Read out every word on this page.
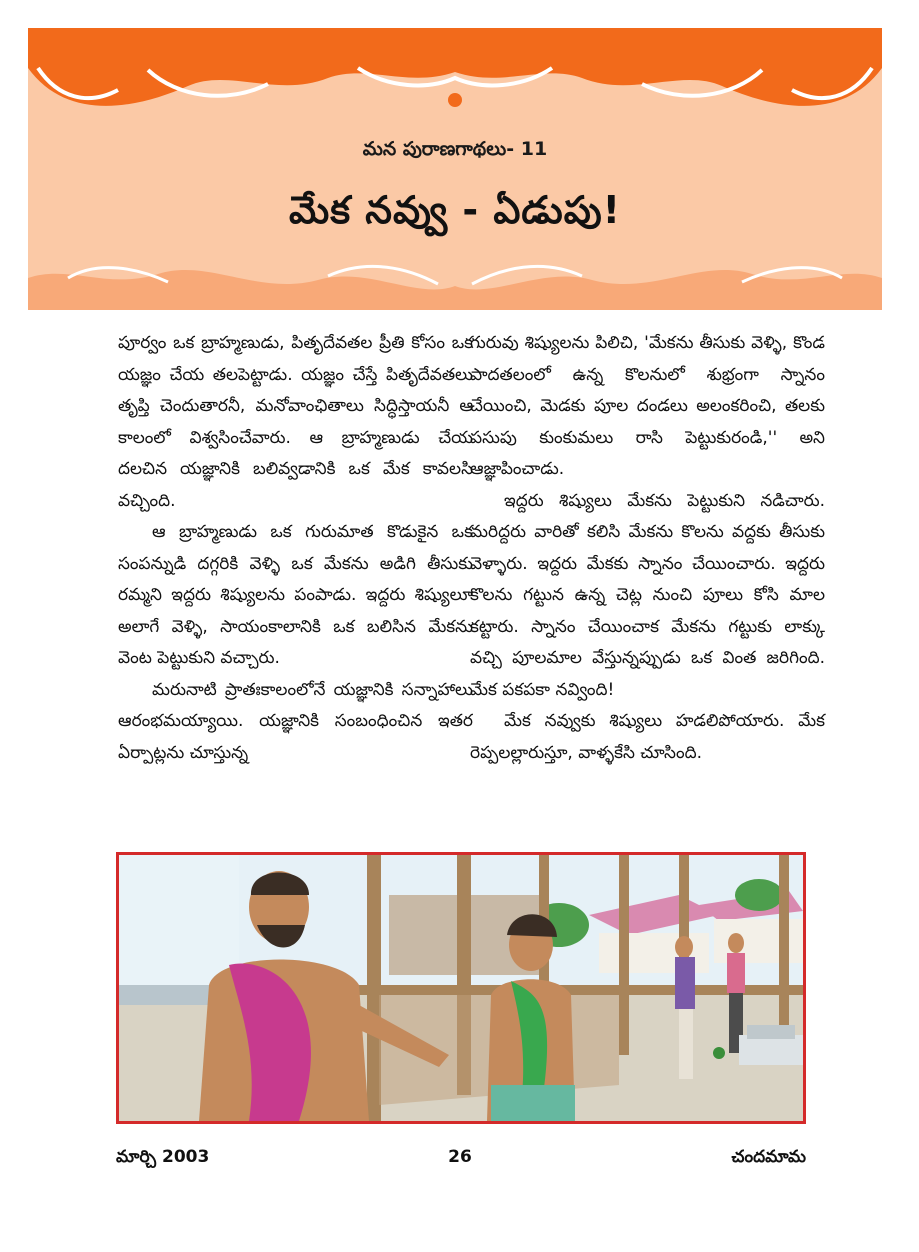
మన పురాణగాథలు- 11
మేక నవ్వు - ఏడుపు!

పూర్వం ఒక బ్రాహ్మణుడు, పితృదేవతల ప్రీతి కోసం ఒక యజ్ఞం చేయ తలపెట్టాడు. యజ్ఞం చేస్తే పితృదేవతలు తృప్తి చెందుతారనీ, మనోవాంఛితాలు సిద్ధిస్తాయనీ ఆ కాలంలో విశ్వసించేవారు. ఆ బ్రాహ్మణుడు చేయ దలచిన యజ్ఞానికి బలివ్వడానికి ఒక మేక కావలసి వచ్చింది.

ఆ బ్రాహ్మణుడు ఒక గురుమాత కొడుకైన ఒక సంపన్నుడి దగ్గరికి వెళ్ళి ఒక మేకను అడిగి తీసుకు రమ్మని ఇద్దరు శిష్యులను పంపాడు. ఇద్దరు శిష్యులూ అలాగే వెళ్ళి, సాయంకాలానికి ఒక బలిసిన మేకను వెంట పెట్టుకుని వచ్చారు.

మరునాటి ప్రాతఃకాలంలోనే యజ్ఞానికి సన్నాహాలు ఆరంభమయ్యాయి. యజ్ఞానికి సంబంధించిన ఇతర ఏర్పాట్లను చూస్తున్న

గురువు శిష్యులను పిలిచి, 'మేకను తీసుకు వెళ్ళి, కొండ పాదతలంలో ఉన్న కొలనులో శుభ్రంగా స్నానం చేయించి, మెడకు పూల దండలు అలంకరించి, తలకు పసుపు కుంకుమలు రాసి పెట్టుకురండి,'' అని ఆజ్ఞాపించాడు.

ఇద్దరు శిష్యులు మేకను పెట్టుకుని నడిచారు. మరిద్దరు వారితో కలిసి మేకను కొలను వద్దకు తీసుకు వెళ్ళారు. ఇద్దరు మేకకు స్నానం చేయించారు. ఇద్దరు కొలను గట్టున ఉన్న చెట్ల నుంచి పూలు కోసి మాల కట్టారు. స్నానం చేయించాక మేకను గట్టుకు లాక్కు వచ్చి పూలమాల వేస్తున్నప్పుడు ఒక వింత జరిగింది. మేక పకపకా నవ్వింది!

మేక నవ్వుకు శిష్యులు హడలిపోయారు. మేక రెప్పలల్లారుస్తూ, వాళ్ళకేసి చూసింది.

మార్చి 2003	26	చందమామ
